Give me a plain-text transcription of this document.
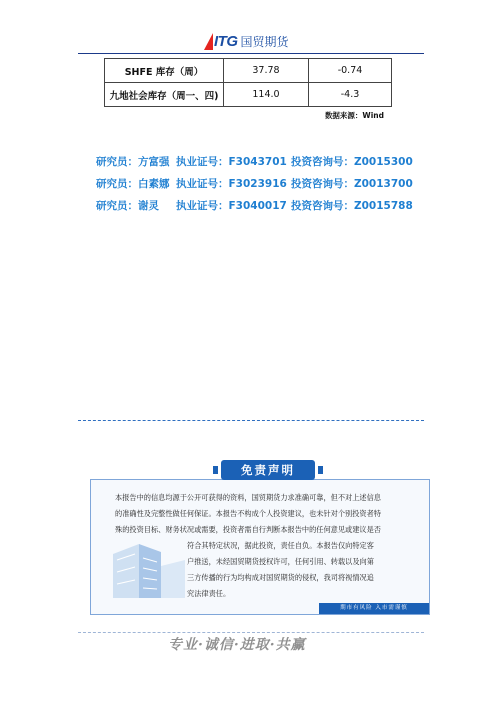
ITG 国贸期货
SHFE 库存（周）	37.78	-0.74
九地社会库存（周一、四)	114.0	-4.3
数据来源：Wind
研究员：方富强 执业证号：F3043701 投资咨询号：Z0015300
研究员：白素娜 执业证号：F3023916 投资咨询号：Z0013700
研究员：谢灵	执业证号：F3040017 投资咨询号：Z0015788
本报告中的信息均源于公开可获得的资料，国贸期货力求准确可靠，但不对上述信息
的准确性及完整性做任何保证。本报告不构成个人投资建议，也未针对个别投资者特
殊的投资目标、财务状况或需要，投资者需自行判断本报告中的任何意见或建议是否
符合其特定状况，据此投资，责任自负。本报告仅向特定客
户推送，未经国贸期货授权许可，任何引用、转载以及向第
三方传播的行为均构成对国贸期货的侵权，我司将视情况追
究法律责任。
期市有风险 入市需谨慎
免责声明
专业·诚信·进取·共赢
